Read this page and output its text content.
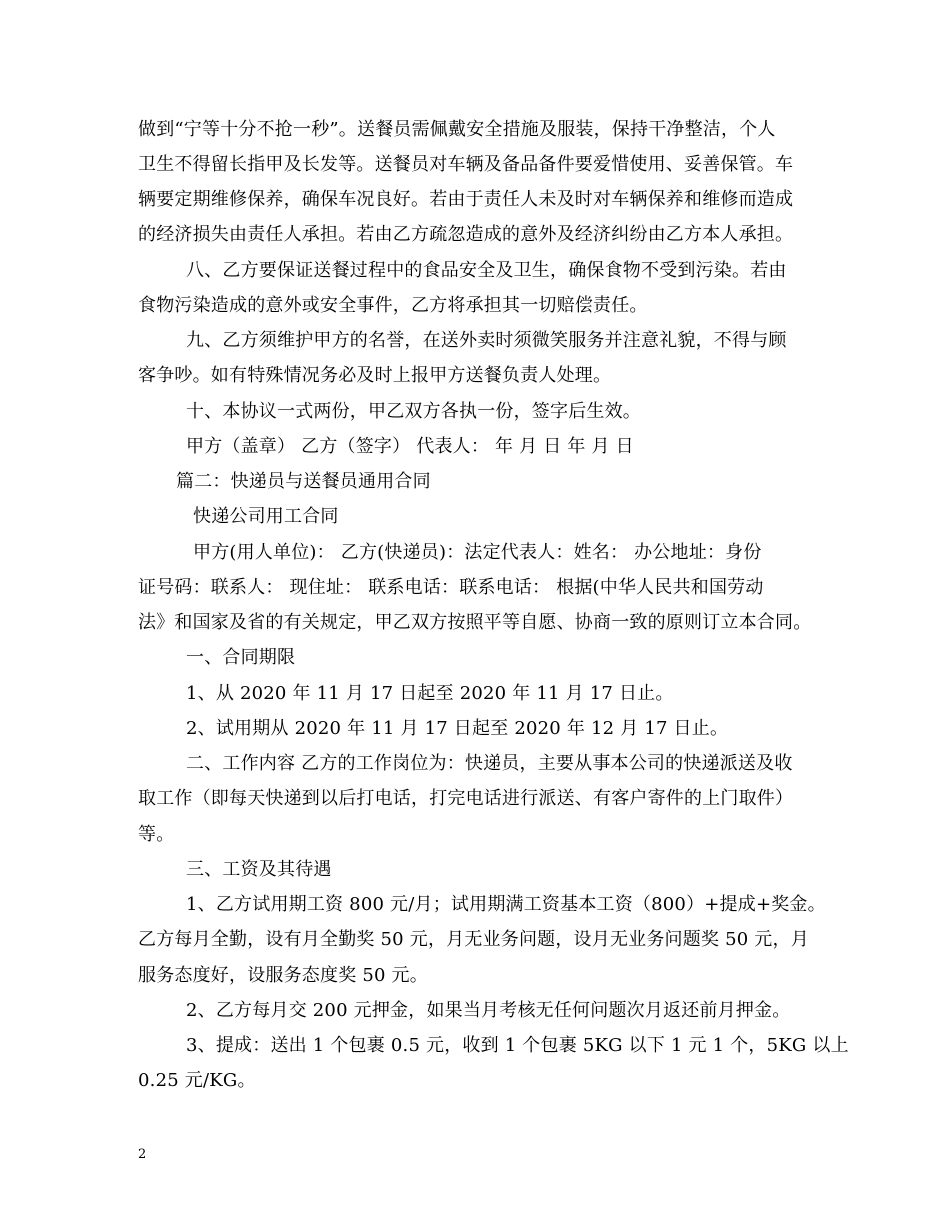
做到“宁等十分不抢一秒”。送餐员需佩戴安全措施及服装，保持干净整洁，个人
卫生不得留长指甲及长发等。送餐员对车辆及备品备件要爱惜使用、妥善保管。车
辆要定期维修保养，确保车况良好。若由于责任人未及时对车辆保养和维修而造成
的经济损失由责任人承担。若由乙方疏忽造成的意外及经济纠纷由乙方本人承担。
八、乙方要保证送餐过程中的食品安全及卫生，确保食物不受到污染。若由
食物污染造成的意外或安全事件，乙方将承担其一切赔偿责任。
九、乙方须维护甲方的名誉，在送外卖时须微笑服务并注意礼貌，不得与顾
客争吵。如有特殊情况务必及时上报甲方送餐负责人处理。
十、本协议一式两份，甲乙双方各执一份，签字后生效。
甲方（盖章） 乙方（签字） 代表人： 年 月 日 年 月 日
篇二：快递员与送餐员通用合同
快递公司用工合同
甲方(用人单位)： 乙方(快递员)：法定代表人：姓名： 办公地址：身份
证号码：联系人： 现住址： 联系电话：联系电话： 根据(中华人民共和国劳动
法》和国家及省的有关规定，甲乙双方按照平等自愿、协商一致的原则订立本合同。
一、合同期限
1、从 2020 年 11 月 17 日起至 2020 年 11 月 17 日止。
2、试用期从 2020 年 11 月 17 日起至 2020 年 12 月 17 日止。
二、工作内容 乙方的工作岗位为：快递员，主要从事本公司的快递派送及收
取工作（即每天快递到以后打电话，打完电话进行派送、有客户寄件的上门取件）
等。
三、工资及其待遇
1、乙方试用期工资 800 元/月；试用期满工资基本工资（800）+提成+奖金。
乙方每月全勤，设有月全勤奖 50 元，月无业务问题，设月无业务问题奖 50 元，月
服务态度好，设服务态度奖 50 元。
2、乙方每月交 200 元押金，如果当月考核无任何问题次月返还前月押金。
3、提成：送出 1 个包裹 0.5 元，收到 1 个包裹 5KG 以下 1 元 1 个，5KG 以上
0.25 元/KG。
2
